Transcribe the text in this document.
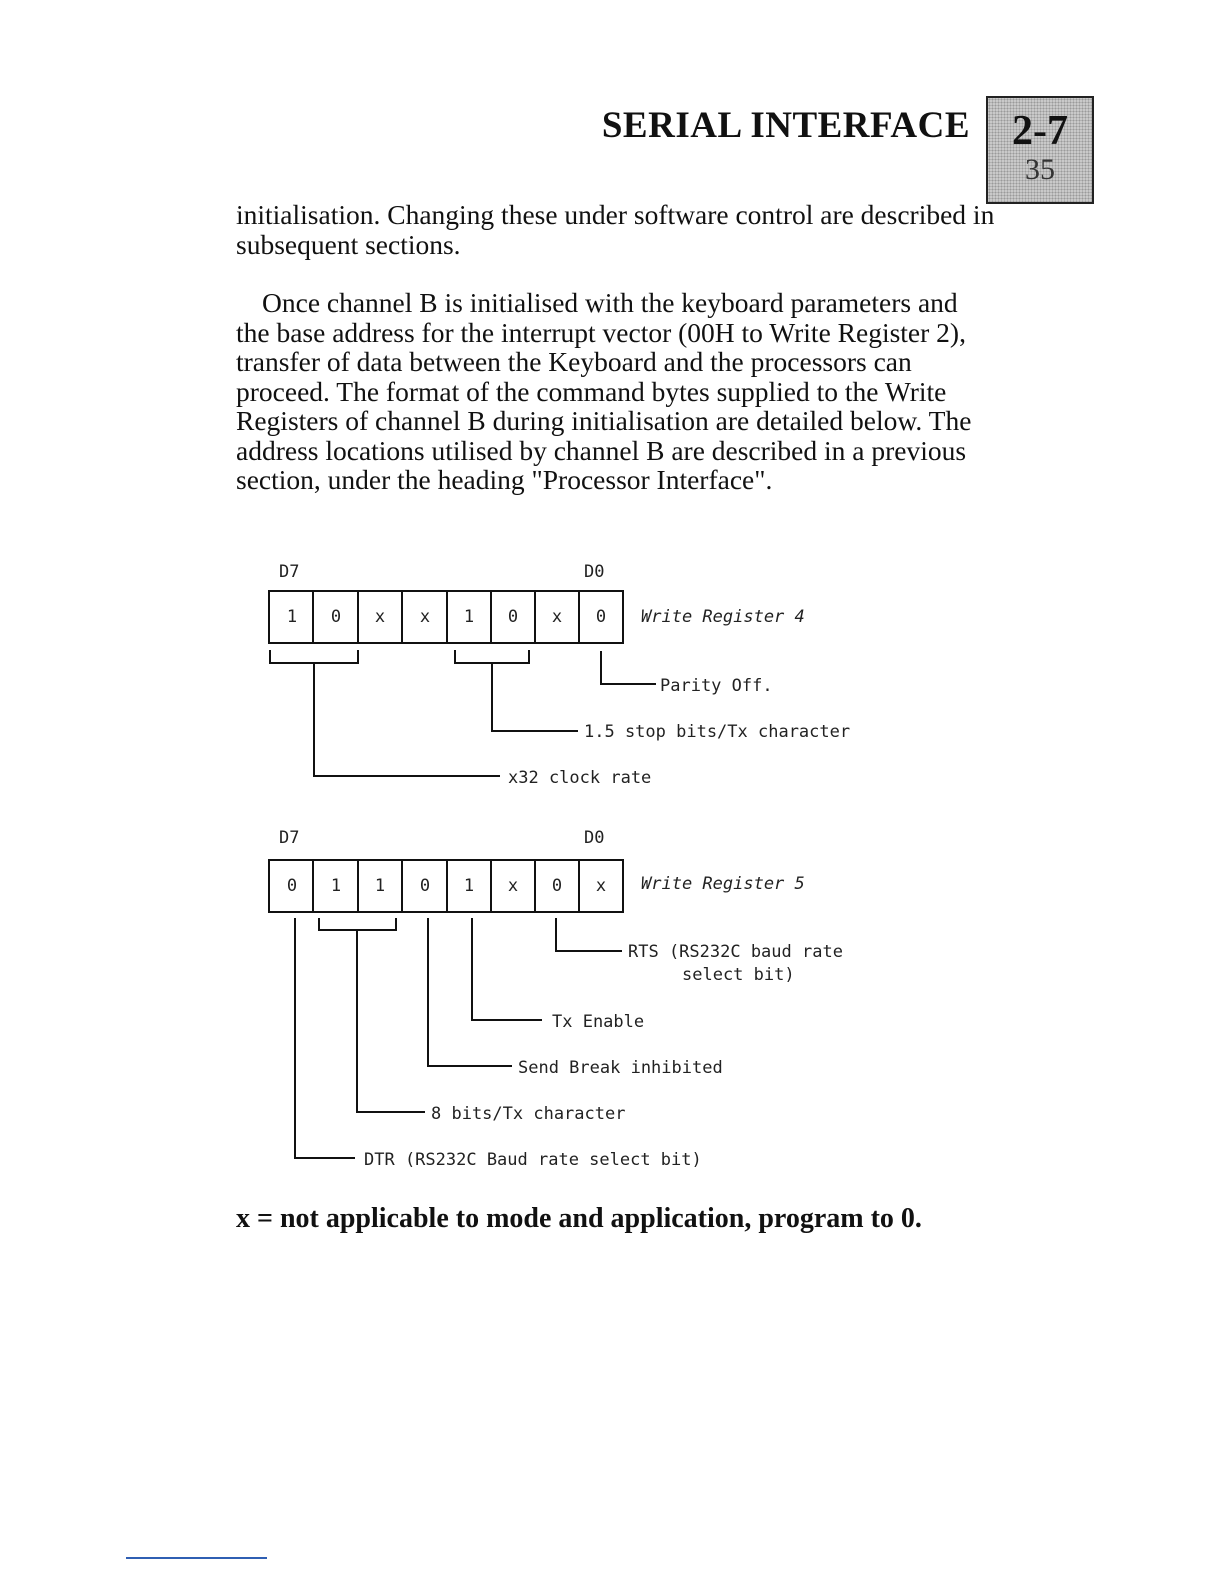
SERIAL INTERFACE	2-7
35

initialisation. Changing these under software control are described in subsequent sections.

Once channel B is initialised with the keyboard parameters and the base address for the interrupt vector (00H to Write Register 2), transfer of data between the Keyboard and the processors can proceed. The format of the command bytes supplied to the Write Registers of channel B during initialisation are detailed below. The address locations utilised by channel B are described in a previous section, under the heading "Processor Interface".

D7	D0
1 0 x x 1 0 x 0 Write Register 4
Parity Off.
1.5 stop bits/Tx character
x32 clock rate
D7	D0
0 1 1 0 1 x 0 x Write Register 5
RTS (RS232C baud rate
select bit)
Tx Enable
Send Break inhibited
8 bits/Tx character
DTR (RS232C Baud rate select bit)
x = not applicable to mode and application, program to 0.
